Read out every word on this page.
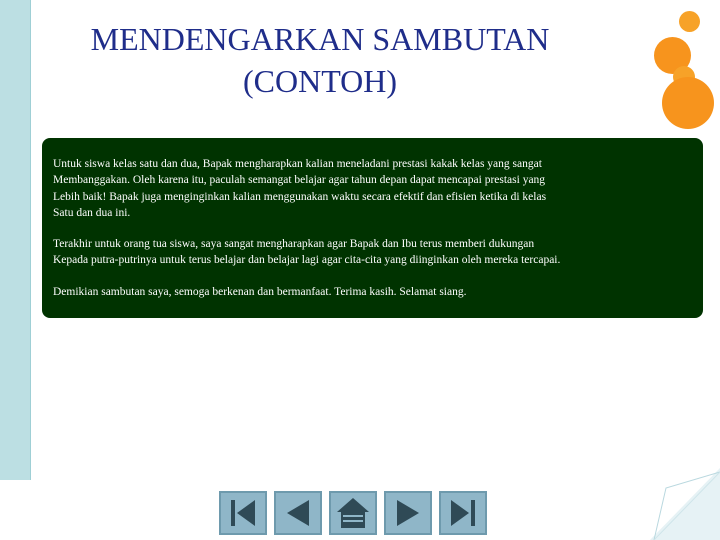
MENDENGARKAN SAMBUTAN
(CONTOH)

Untuk siswa kelas satu dan dua, Bapak mengharapkan kalian meneladani prestasi kakak kelas yang sangat
Membanggakan. Oleh karena itu, paculah semangat belajar agar tahun depan dapat mencapai prestasi yang
Lebih baik! Bapak juga menginginkan kalian menggunakan waktu secara efektif dan efisien ketika di kelas
Satu dan dua ini.

Terakhir untuk orang tua siswa, saya sangat mengharapkan agar Bapak dan Ibu terus memberi dukungan
Kepada putra-putrinya untuk terus belajar dan belajar lagi agar cita-cita yang diinginkan oleh mereka tercapai.

Demikian sambutan saya, semoga berkenan dan bermanfaat. Terima kasih. Selamat siang.
